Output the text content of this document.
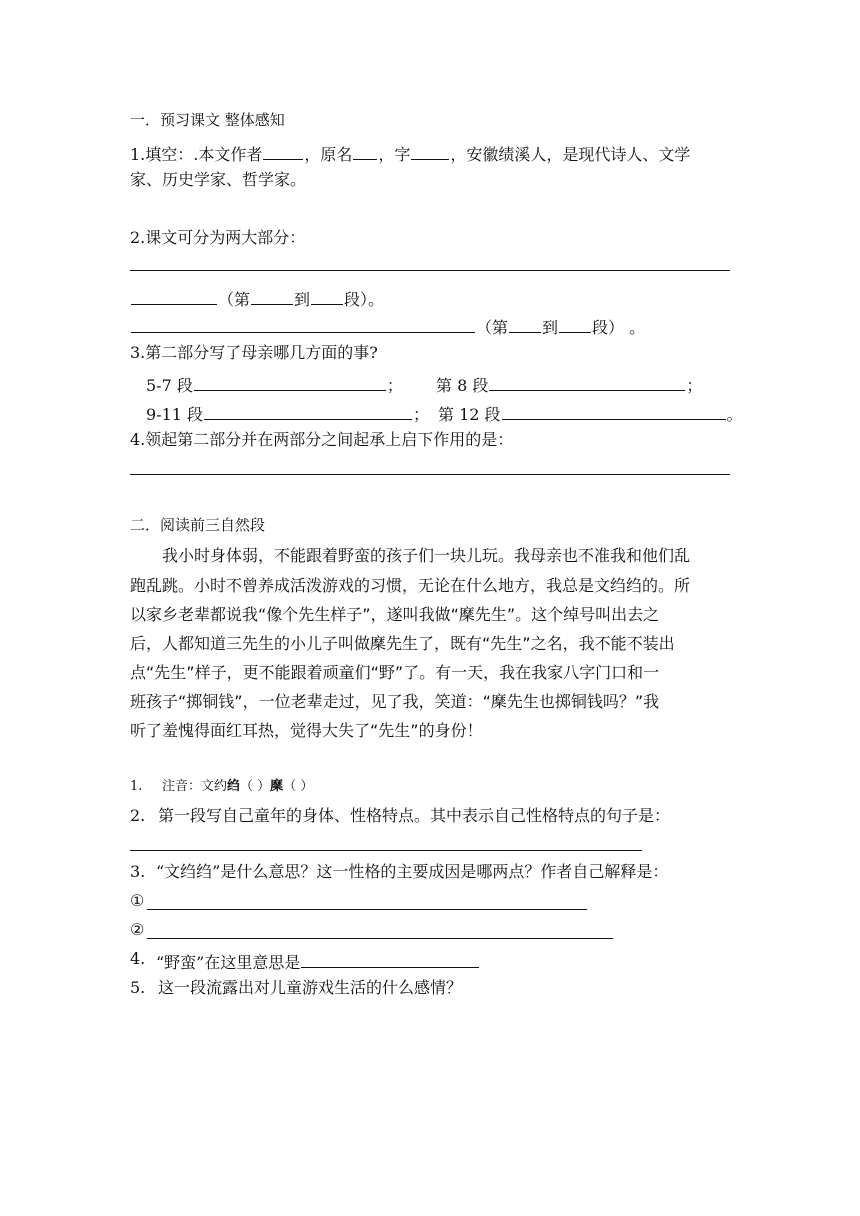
一．预习课文 整体感知
1.填空：.本文作者	，原名 ，字	，安徽绩溪人，是现代诗人、文学
家、历史学家、哲学家。
2.课文可分为两大部分：
（第	到 段）。
（第 到 段） 。
3.第二部分写了母亲哪几方面的事?
5-7 段	； 第 8 段	；
9-11 段	； 第 12 段	。
4.领起第二部分并在两部分之间起承上启下作用的是：
二．阅读前三自然段
我小时身体弱，不能跟着野蛮的孩子们一块儿玩。我母亲也不准我和他们乱
跑乱跳。小时不曾养成活泼游戏的习惯，无论在什么地方，我总是文绉绉的。所
以家乡老辈都说我“像个先生样子”，遂叫我做“穈先生”。这个绰号叫出去之
后，人都知道三先生的小儿子叫做穈先生了，既有“先生”之名，我不能不装出
点“先生”样子，更不能跟着顽童们“野”了。有一天，我在我家八字门口和一
班孩子“掷铜钱”，一位老辈走过，见了我，笑道：“穈先生也掷铜钱吗？”我
听了羞愧得面红耳热，觉得大失了“先生”的身份！
1. 注音：文约绉（ ）穈（ ）
2. 第一段写自己童年的身体、性格特点。其中表示自己性格特点的句子是：
3. “文绉绉”是什么意思？这一性格的主要成因是哪两点？作者自己解释是：
①
②
4. “野蛮”在这里意思是
5. 这一段流露出对儿童游戏生活的什么感情？
